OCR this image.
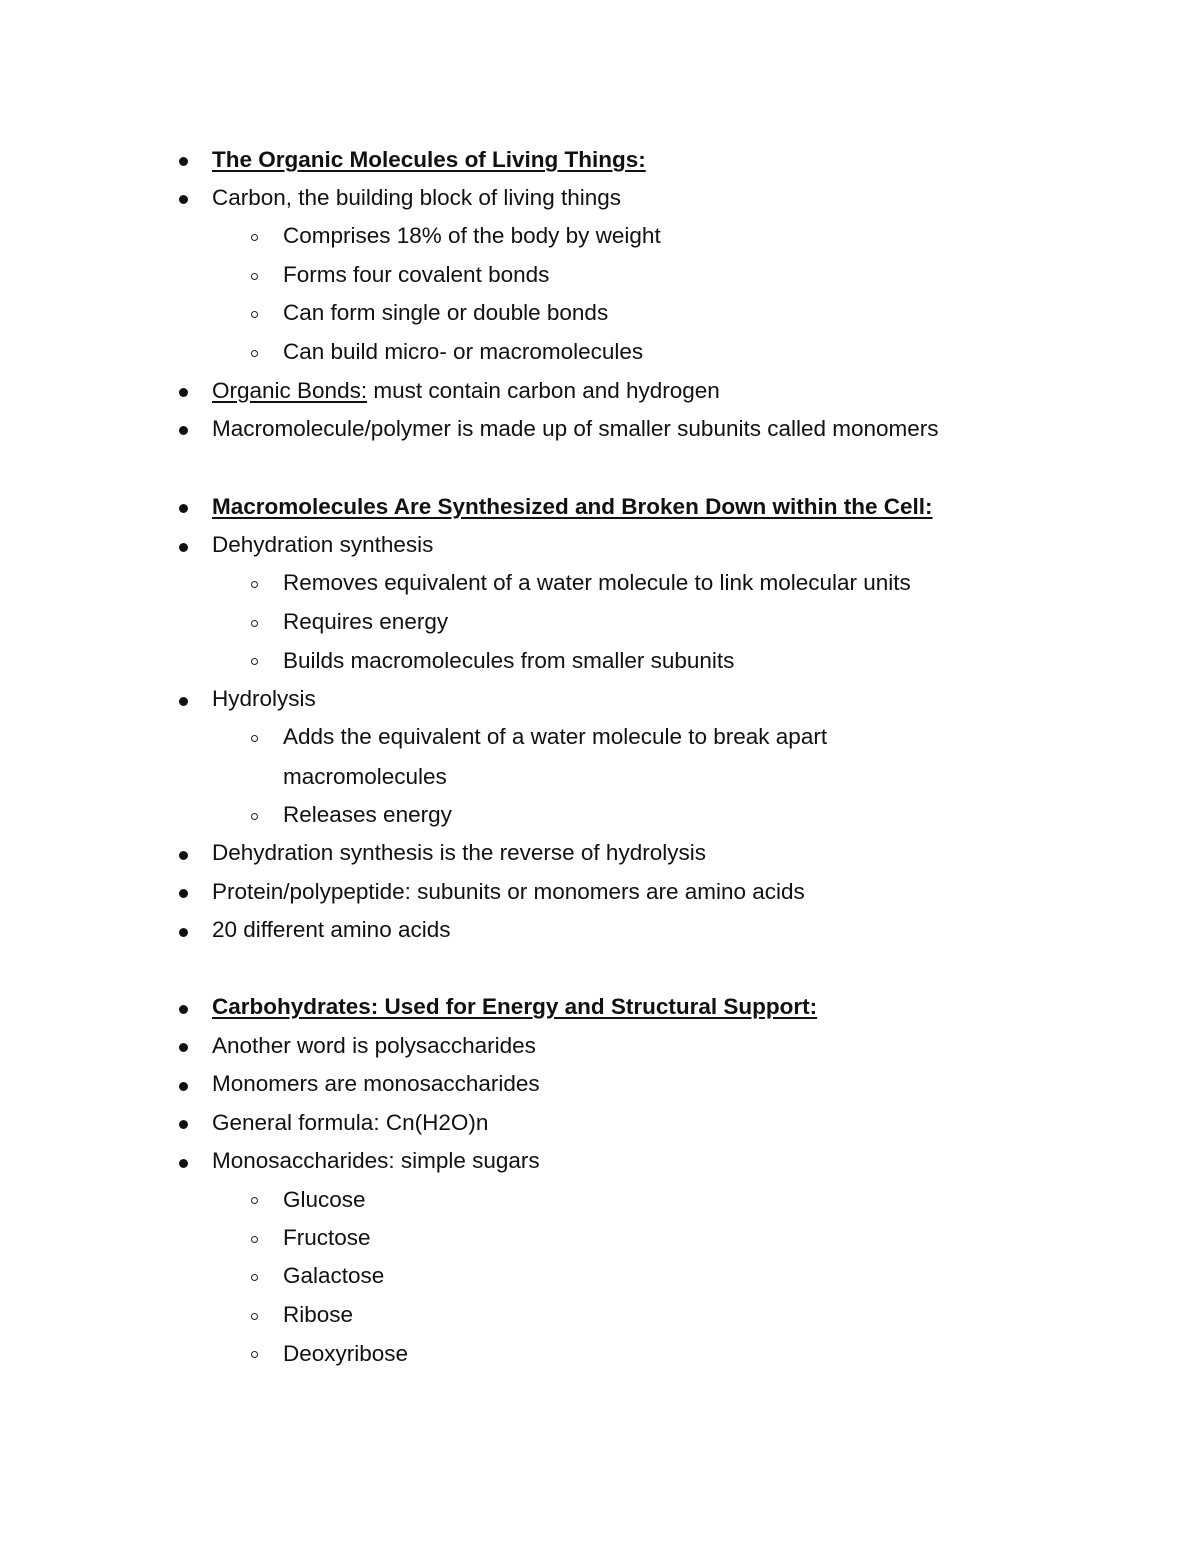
The Organic Molecules of Living Things:
Carbon, the building block of living things
Comprises 18% of the body by weight
Forms four covalent bonds
Can form single or double bonds
Can build micro- or macromolecules
Organic Bonds: must contain carbon and hydrogen
Macromolecule/polymer is made up of smaller subunits called monomers
Macromolecules Are Synthesized and Broken Down within the Cell:
Dehydration synthesis
Removes equivalent of a water molecule to link molecular units
Requires energy
Builds macromolecules from smaller subunits
Hydrolysis
Adds the equivalent of a water molecule to break apart
macromolecules
Releases energy
Dehydration synthesis is the reverse of hydrolysis
Protein/polypeptide: subunits or monomers are amino acids
20 different amino acids
Carbohydrates: Used for Energy and Structural Support:
Another word is polysaccharides
Monomers are monosaccharides
General formula: Cn(H2O)n
Monosaccharides: simple sugars
Glucose
Fructose
Galactose
Ribose
Deoxyribose
